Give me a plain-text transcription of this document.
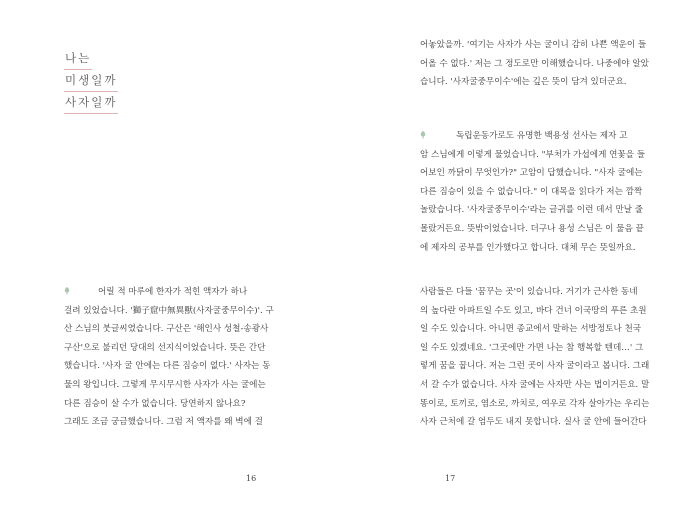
나는
미생일까
사자일까
어릴 적 마루에 한자가 적힌 액자가 하나
걸려 있었습니다. '獅子窟中無異獸(사자굴중무이수)'. 구
산 스님의 붓글씨였습니다. 구산은 '해인사 성철-송광사
구산'으로 불리던 당대의 선지식이었습니다. 뜻은 간단
했습니다. '사자 굴 안에는 다른 짐승이 없다.' 사자는 동
물의 왕입니다. 그렇게 무시무시한 사자가 사는 굴에는
다른 짐승이 살 수가 없습니다. 당연하지 않나요?
그래도 조금 궁금했습니다. 그럼 저 액자를 왜 벽에 걸
16
어놓았을까. '여기는 사자가 사는 굴이니 감히 나쁜 액운이 들
어올 수 없다.' 저는 그 정도로만 이해했습니다. 나중에야 알았
습니다. '사자굴중무이수'에는 깊은 뜻이 담겨 있더군요.
독립운동가로도 유명한 백용성 선사는 제자 고
암 스님에게 이렇게 물었습니다. "부처가 가섭에게 연꽃을 들
어보인 까닭이 무엇인가?" 고암이 답했습니다. "사자 굴에는
다른 짐승이 있을 수 없습니다." 이 대목을 읽다가 저는 깜짝
놀랐습니다. '사자굴중무이수'라는 글귀를 이런 데서 만날 줄
몰랐거든요. 뜻밖이었습니다. 더구나 용성 스님은 이 물음 끝
에 제자의 공부를 인가했다고 합니다. 대체 무슨 뜻일까요.
사람들은 다들 '꿈꾸는 곳'이 있습니다. 거기가 근사한 동네
의 높다란 아파트일 수도 있고, 바다 건너 이국땅의 푸른 초원
일 수도 있습니다. 아니면 종교에서 말하는 서방정토나 천국
일 수도 있겠네요. '그곳에만 가면 나는 참 행복할 텐데…' 그
렇게 꿈을 꿉니다. 저는 그런 곳이 사자 굴이라고 봅니다. 그래
서 갈 수가 없습니다. 사자 굴에는 사자만 사는 법이거든요. 말
똥이로, 토끼로, 염소로, 까치로, 여우로 각자 살아가는 우리는
사자 근처에 갈 엄두도 내지 못합니다. 실사 굴 안에 들어간다
17
